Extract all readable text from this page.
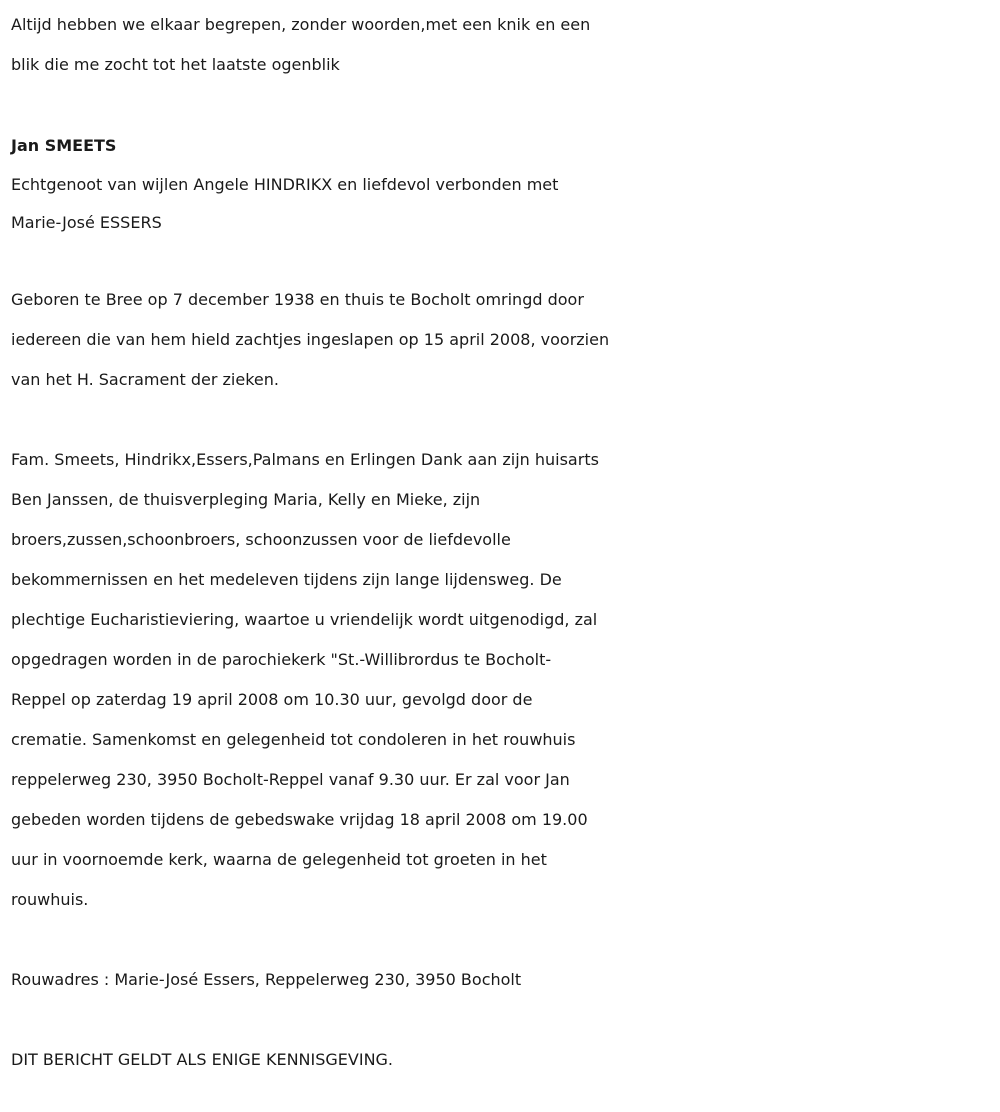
Altijd hebben we elkaar begrepen, zonder woorden,met een knik en een
blik die me zocht tot het laatste ogenblik

Jan SMEETS

Echtgenoot van wijlen Angele HINDRIKX en liefdevol verbonden met
Marie-José ESSERS

Geboren te Bree op 7 december 1938 en thuis te Bocholt omringd door
iedereen die van hem hield zachtjes ingeslapen op 15 april 2008, voorzien
van het H. Sacrament der zieken.

Fam. Smeets, Hindrikx,Essers,Palmans en Erlingen Dank aan zijn huisarts
Ben Janssen, de thuisverpleging Maria, Kelly en Mieke, zijn
broers,zussen,schoonbroers, schoonzussen voor de liefdevolle
bekommernissen en het medeleven tijdens zijn lange lijdensweg. De
plechtige Eucharistieviering, waartoe u vriendelijk wordt uitgenodigd, zal
opgedragen worden in de parochiekerk "St.-Willibrordus te Bocholt-
Reppel op zaterdag 19 april 2008 om 10.30 uur, gevolgd door de
crematie. Samenkomst en gelegenheid tot condoleren in het rouwhuis
reppelerweg 230, 3950 Bocholt-Reppel vanaf 9.30 uur. Er zal voor Jan
gebeden worden tijdens de gebedswake vrijdag 18 april 2008 om 19.00
uur in voornoemde kerk, waarna de gelegenheid tot groeten in het
rouwhuis.

Rouwadres : Marie-José Essers, Reppelerweg 230, 3950 Bocholt

DIT BERICHT GELDT ALS ENIGE KENNISGEVING.
